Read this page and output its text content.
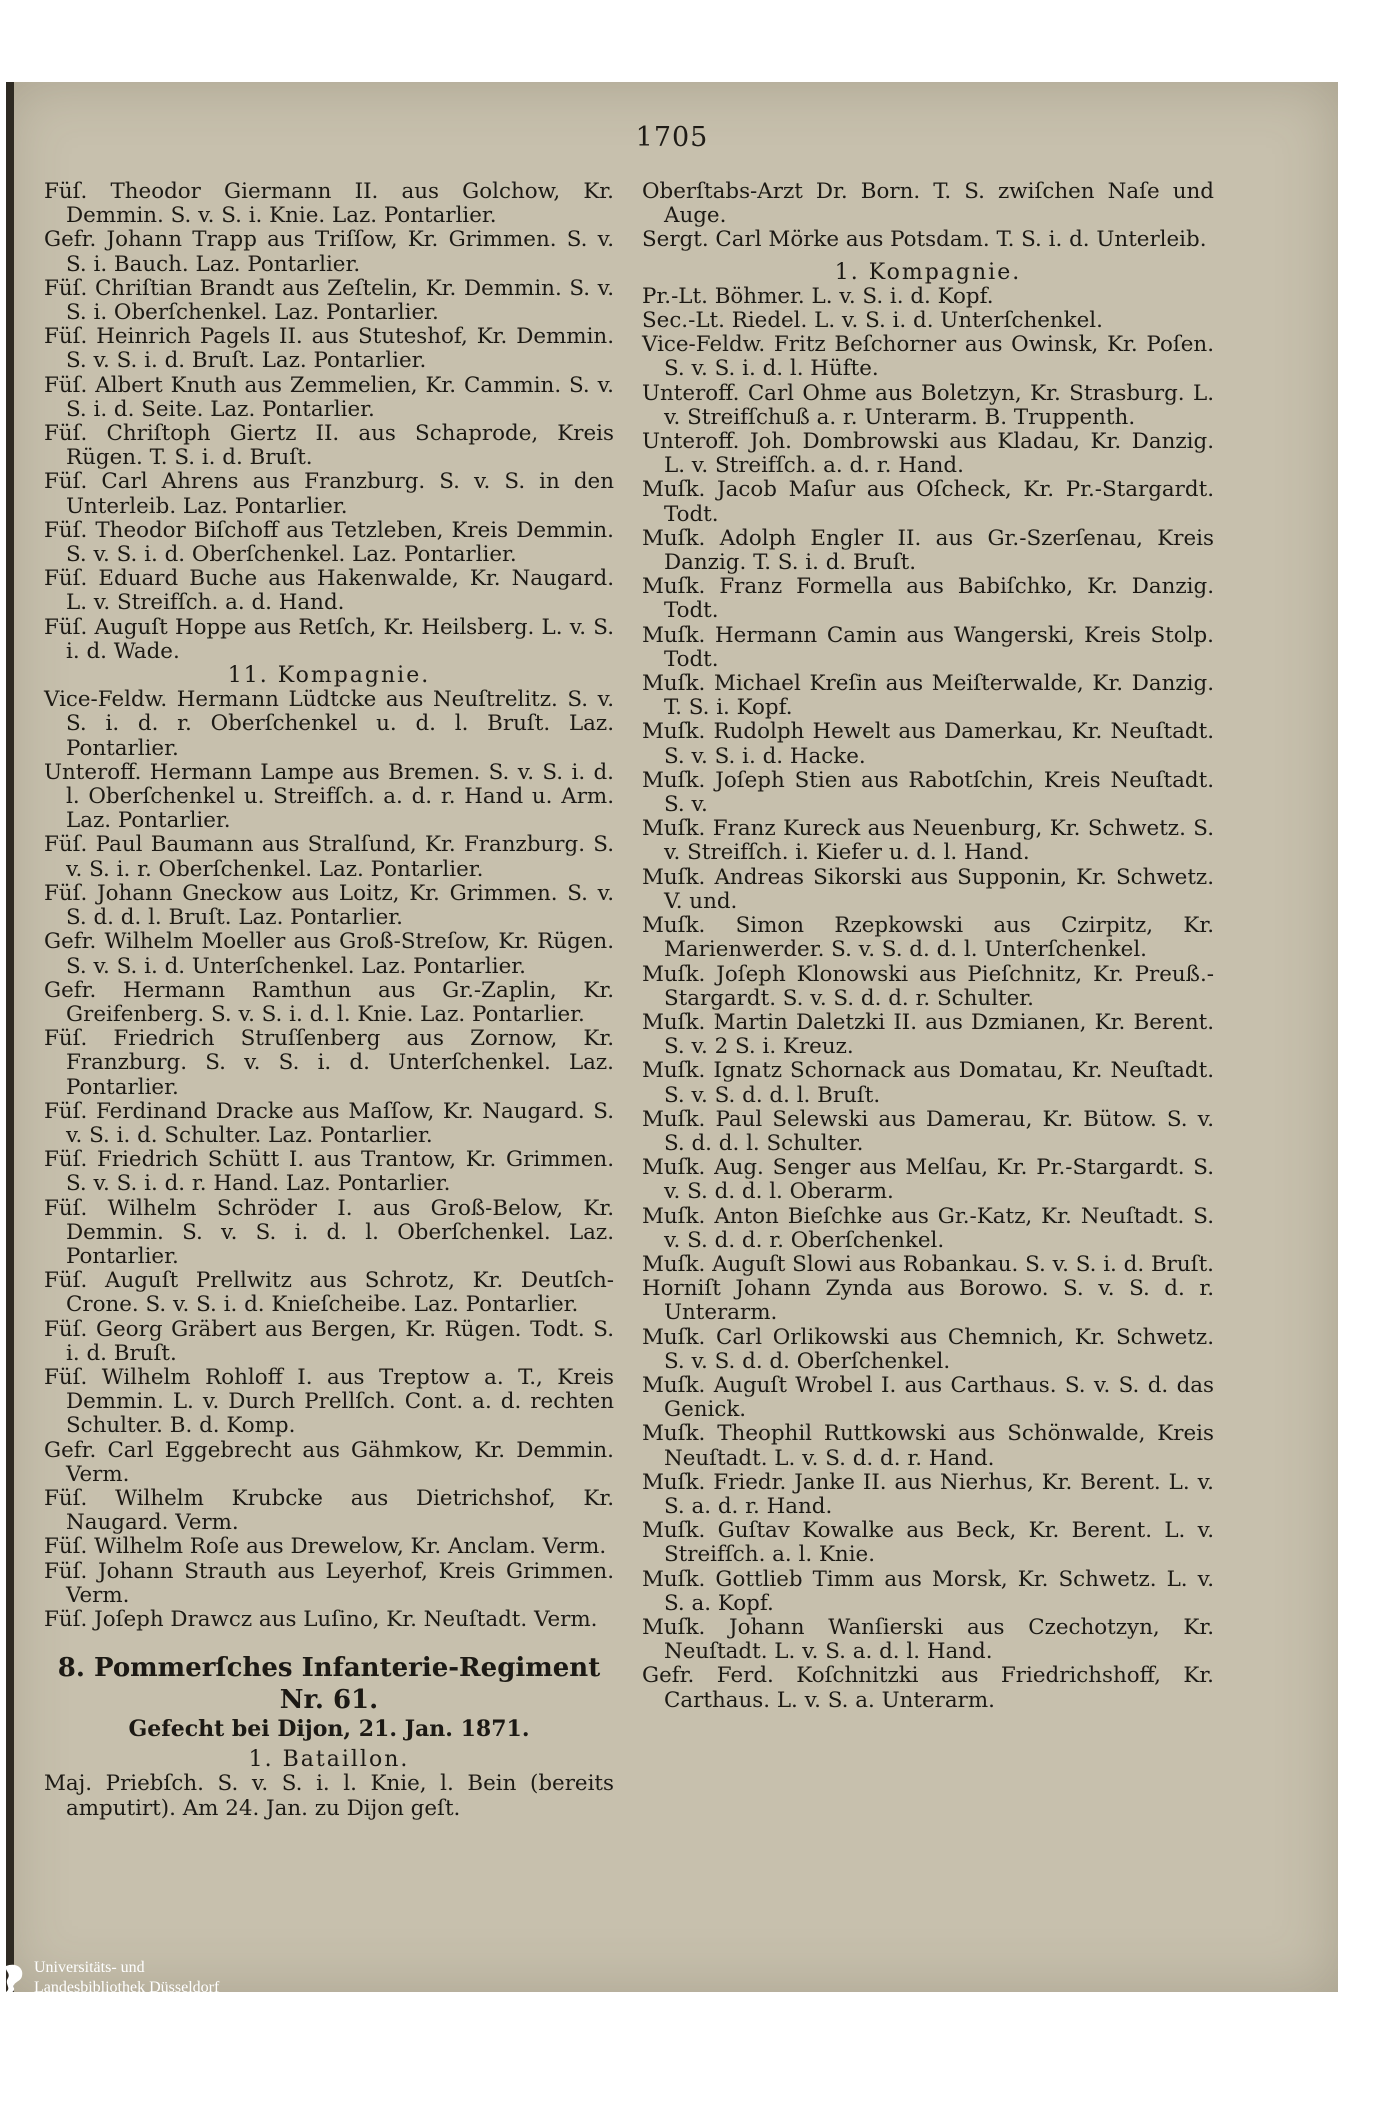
1705
Füſ. Theodor Giermann II. aus Golchow, Kr. Demmin. S. v. S. i. Knie. Laz. Pontarlier.
Gefr. Johann Trapp aus Triſſow, Kr. Grimmen. S. v. S. i. Bauch. Laz. Pontarlier.
Füſ. Chriſtian Brandt aus Zeſtelin, Kr. Demmin. S. v. S. i. Oberſchenkel. Laz. Pontarlier.
Füſ. Heinrich Pagels II. aus Stuteshof, Kr. Demmin. S. v. S. i. d. Bruſt. Laz. Pontarlier.
Füſ. Albert Knuth aus Zemmelien, Kr. Cammin. S. v. S. i. d. Seite. Laz. Pontarlier.
Füſ. Chriſtoph Giertz II. aus Schaprode, Kreis Rügen. T. S. i. d. Bruſt.
Füſ. Carl Ahrens aus Franzburg. S. v. S. in den Unterleib. Laz. Pontarlier.
Füſ. Theodor Biſchoff aus Tetzleben, Kreis Demmin. S. v. S. i. d. Oberſchenkel. Laz. Pontarlier.
Füſ. Eduard Buche aus Hakenwalde, Kr. Naugard. L. v. Streifſch. a. d. Hand.
Füſ. Auguſt Hoppe aus Retſch, Kr. Heilsberg. L. v. S. i. d. Wade.
11. Kompagnie.
Vice-Feldw. Hermann Lüdtcke aus Neuſtrelitz. S. v. S. i. d. r. Oberſchenkel u. d. l. Bruſt. Laz. Pontarlier.
Unteroff. Hermann Lampe aus Bremen. S. v. S. i. d. l. Oberſchenkel u. Streifſch. a. d. r. Hand u. Arm. Laz. Pontarlier.
Füſ. Paul Baumann aus Stralſund, Kr. Franzburg. S. v. S. i. r. Oberſchenkel. Laz. Pontarlier.
Füſ. Johann Gneckow aus Loitz, Kr. Grimmen. S. v. S. d. d. l. Bruſt. Laz. Pontarlier.
Gefr. Wilhelm Moeller aus Groß-Streſow, Kr. Rügen. S. v. S. i. d. Unterſchenkel. Laz. Pontarlier.
Gefr. Hermann Ramthun aus Gr.-Zaplin, Kr. Greifenberg. S. v. S. i. d. l. Knie. Laz. Pontarlier.
Füſ. Friedrich Struſſenberg aus Zornow, Kr. Franzburg. S. v. S. i. d. Unterſchenkel. Laz. Pontarlier.
Füſ. Ferdinand Dracke aus Maſſow, Kr. Naugard. S. v. S. i. d. Schulter. Laz. Pontarlier.
Füſ. Friedrich Schütt I. aus Trantow, Kr. Grimmen. S. v. S. i. d. r. Hand. Laz. Pontarlier.
Füſ. Wilhelm Schröder I. aus Groß-Below, Kr. Demmin. S. v. S. i. d. l. Oberſchenkel. Laz. Pontarlier.
Füſ. Auguſt Prellwitz aus Schrotz, Kr. Deutſch-Crone. S. v. S. i. d. Knieſcheibe. Laz. Pontarlier.
Füſ. Georg Gräbert aus Bergen, Kr. Rügen. Todt. S. i. d. Bruſt.
Füſ. Wilhelm Rohloff I. aus Treptow a. T., Kreis Demmin. L. v. Durch Prellſch. Cont. a. d. rechten Schulter. B. d. Komp.
Gefr. Carl Eggebrecht aus Gähmkow, Kr. Demmin. Verm.
Füſ. Wilhelm Krubcke aus Dietrichshof, Kr. Naugard. Verm.
Füſ. Wilhelm Roſe aus Drewelow, Kr. Anclam. Verm.
Füſ. Johann Strauth aus Leyerhof, Kreis Grimmen. Verm.
Füſ. Joſeph Drawcz aus Luſino, Kr. Neuſtadt. Verm.
8. Pommerſches Infanterie-Regiment Nr. 61.
Gefecht bei Dijon, 21. Jan. 1871.
1. Bataillon.
Maj. Priebſch. S. v. S. i. l. Knie, l. Bein (bereits amputirt). Am 24. Jan. zu Dijon geſt.
Oberſtabs-Arzt Dr. Born. T. S. zwiſchen Naſe und Auge.
Sergt. Carl Mörke aus Potsdam. T. S. i. d. Unterleib.
1. Kompagnie.
Pr.-Lt. Böhmer. L. v. S. i. d. Kopf.
Sec.-Lt. Riedel. L. v. S. i. d. Unterſchenkel.
Vice-Feldw. Fritz Beſchorner aus Owinsk, Kr. Poſen. S. v. S. i. d. l. Hüfte.
Unteroff. Carl Ohme aus Boletzyn, Kr. Strasburg. L. v. Streifſchuß a. r. Unterarm. B. Truppenth.
Unteroff. Joh. Dombrowski aus Kladau, Kr. Danzig. L. v. Streifſch. a. d. r. Hand.
Muſk. Jacob Maſur aus Oſcheck, Kr. Pr.-Stargardt. Todt.
Muſk. Adolph Engler II. aus Gr.-Szerſenau, Kreis Danzig. T. S. i. d. Bruſt.
Muſk. Franz Formella aus Babiſchko, Kr. Danzig. Todt.
Muſk. Hermann Camin aus Wangerski, Kreis Stolp. Todt.
Muſk. Michael Kreſin aus Meiſterwalde, Kr. Danzig. T. S. i. Kopf.
Muſk. Rudolph Hewelt aus Damerkau, Kr. Neuſtadt. S. v. S. i. d. Hacke.
Muſk. Joſeph Stien aus Rabotſchin, Kreis Neuſtadt. S. v.
Muſk. Franz Kureck aus Neuenburg, Kr. Schwetz. S. v. Streifſch. i. Kiefer u. d. l. Hand.
Muſk. Andreas Sikorski aus Supponin, Kr. Schwetz. V. und.
Muſk. Simon Rzepkowski aus Czirpitz, Kr. Marienwerder. S. v. S. d. d. l. Unterſchenkel.
Muſk. Joſeph Klonowski aus Pieſchnitz, Kr. Preuß.-Stargardt. S. v. S. d. d. r. Schulter.
Muſk. Martin Daletzki II. aus Dzmianen, Kr. Berent. S. v. 2 S. i. Kreuz.
Muſk. Ignatz Schornack aus Domatau, Kr. Neuſtadt. S. v. S. d. d. l. Bruſt.
Muſk. Paul Selewski aus Damerau, Kr. Bütow. S. v. S. d. d. l. Schulter.
Muſk. Aug. Senger aus Melſau, Kr. Pr.-Stargardt. S. v. S. d. d. l. Oberarm.
Muſk. Anton Bieſchke aus Gr.-Katz, Kr. Neuſtadt. S. v. S. d. d. r. Oberſchenkel.
Muſk. Auguſt Slowi aus Robankau. S. v. S. i. d. Bruſt.
Horniſt Johann Zynda aus Borowo. S. v. S. d. r. Unterarm.
Muſk. Carl Orlikowski aus Chemnich, Kr. Schwetz. S. v. S. d. d. Oberſchenkel.
Muſk. Auguſt Wrobel I. aus Carthaus. S. v. S. d. das Genick.
Muſk. Theophil Ruttkowski aus Schönwalde, Kreis Neuſtadt. L. v. S. d. d. r. Hand.
Muſk. Friedr. Janke II. aus Nierhus, Kr. Berent. L. v. S. a. d. r. Hand.
Muſk. Guſtav Kowalke aus Beck, Kr. Berent. L. v. Streifſch. a. l. Knie.
Muſk. Gottlieb Timm aus Morsk, Kr. Schwetz. L. v. S. a. Kopf.
Muſk. Johann Wanſierski aus Czechotzyn, Kr. Neuſtadt. L. v. S. a. d. l. Hand.
Gefr. Ferd. Koſchnitzki aus Friedrichshoff, Kr. Carthaus. L. v. S. a. Unterarm.
Universitäts- und
Landesbibliothek Düsseldorf
